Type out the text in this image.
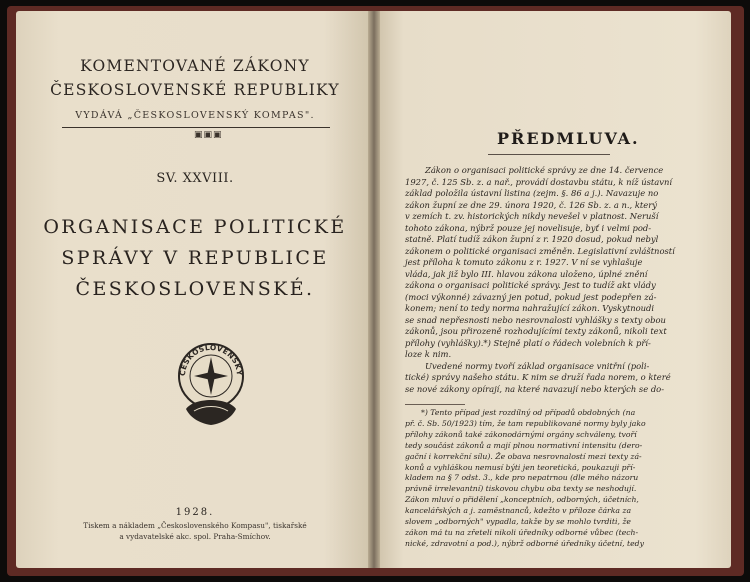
KOMENTOVANÉ ZÁKONY
ČESKOSLOVENSKÉ REPUBLIKY
VYDÁVÁ „ČESKOSLOVENSKÝ KOMPAS".
▣▣▣
SV. XXVIII.
ORGANISACE POLITICKÉ
SPRÁVY V REPUBLICE
ČESKOSLOVENSKÉ.
ČESKOSLOVENSKÝ
1928.
Tiskem a nákladem „Československého Kompasu", tiskařské
a vydavatelské akc. spol. Praha-Smíchov.
PŘEDMLUVA.
Zákon o organisaci politické správy ze dne 14. července
1927, č. 125 Sb. z. a nař., provádí dostavbu státu, k níž ústavní
základ položila ústavní listina (zejm. §. 86 a j.). Navazuje no
zákon župní ze dne 29. února 1920, č. 126 Sb. z. a n., který
v zemích t. zv. historických nikdy nevešel v platnost. Neruší
tohoto zákona, nýbrž pouze jej novelisuje, byť i velmi pod-
statně. Platí tudíž zákon župní z r. 1920 dosud, pokud nebyl
zákonem o politické organisaci změněn. Legislativní zvláštností
jest příloha k tomuto zákonu z r. 1927. V ní se vyhlašuje
vláda, jak již bylo III. hlavou zákona uloženo, úplné znění
zákona o organisaci politické správy. Jest to tudíž akt vlády
(moci výkonné) závazný jen potud, pokud jest podepřen zá-
konem; není to tedy norma nahražující zákon. Vyskytnoudi
se snad nepřesnosti nebo nesrovnalosti vyhlášky s texty obou
zákonů, jsou přirozeně rozhodujícími texty zákonů, nikoli text
přílohy (vyhlášky).*) Stejně platí o řádech volebních k pří-
loze k nim.
Uvedené normy tvoří základ organisace vnitřní (poli-
tické) správy našeho státu. K nim se druží řada norem, o které
se nové zákony opírají, na které navazují nebo kterých se do-
*) Tento případ jest rozdílný od případů obdobných (na
př. č. Sb. 50/1923) tím, že tam republikované normy byly jako
přílohy zákonů také zákonodárnými orgány schváleny, tvoří
tedy součást zákonů a mají plnou normativní intensitu (dero-
gační i korrekční sílu). Že obava nesrovnalostí mezi texty zá-
konů a vyhláškou nemusí býti jen teoretická, poukazuji pří-
kladem na § 7 odst. 3., kde pro nepatrnou (dle mého názoru
právně irrelevantní) tiskovou chybu oba texty se neshodují.
Zákon mluví o přidělení „konceptních, odborných, účetních,
kancelářských a j. zaměstnanců, kdežto v příloze čárka za
slovem „odborných" vypadla, takže by se mohlo tvrditi, že
zákon má tu na zřeteli nikoli úředníky odborné vůbec (tech-
nické, zdravotní a pod.), nýbrž odborné úředníky účetní, tedy
